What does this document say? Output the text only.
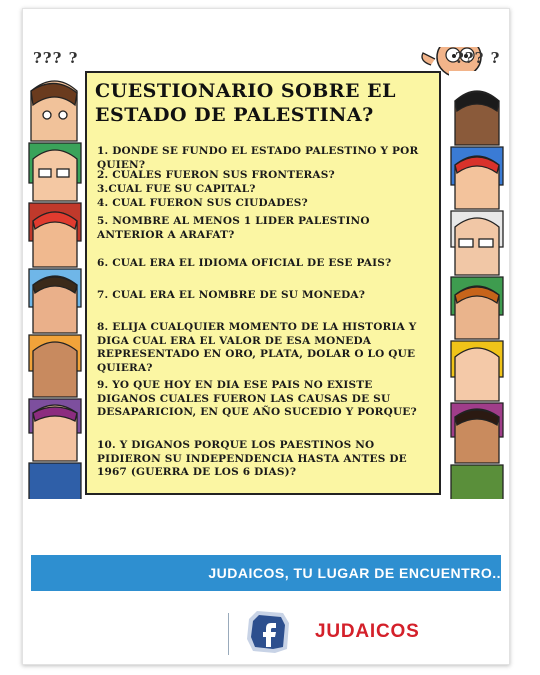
??? ?	??? ?
CUESTIONARIO SOBRE EL
ESTADO DE PALESTINA?
1. DONDE SE FUNDO EL ESTADO PALESTINO Y POR QUIEN?
2. CUALES FUERON SUS FRONTERAS?
3.CUAL FUE SU CAPITAL?
4. CUAL FUERON SUS CIUDADES?
5. NOMBRE AL MENOS 1 LIDER PALESTINO ANTERIOR A ARAFAT?
6. CUAL ERA EL IDIOMA OFICIAL DE ESE PAIS?
7. CUAL ERA EL NOMBRE DE SU MONEDA?
8. ELIJA CUALQUIER MOMENTO DE LA HISTORIA Y DIGA CUAL ERA EL VALOR DE ESA MONEDA REPRESENTADO EN ORO, PLATA, DOLAR O LO QUE QUIERA?
9. YO QUE HOY EN DIA ESE PAIS NO EXISTE DIGANOS CUALES FUERON LAS CAUSAS DE SU DESAPARICION, EN QUE AÑO SUCEDIO Y PORQUE?
10. Y DIGANOS PORQUE LOS PAESTINOS NO PIDIERON SU INDEPENDENCIA HASTA ANTES DE 1967 (GUERRA DE LOS 6 DIAS)?
JUDAICOS, TU LUGAR DE ENCUENTRO..
JUDAICOS
